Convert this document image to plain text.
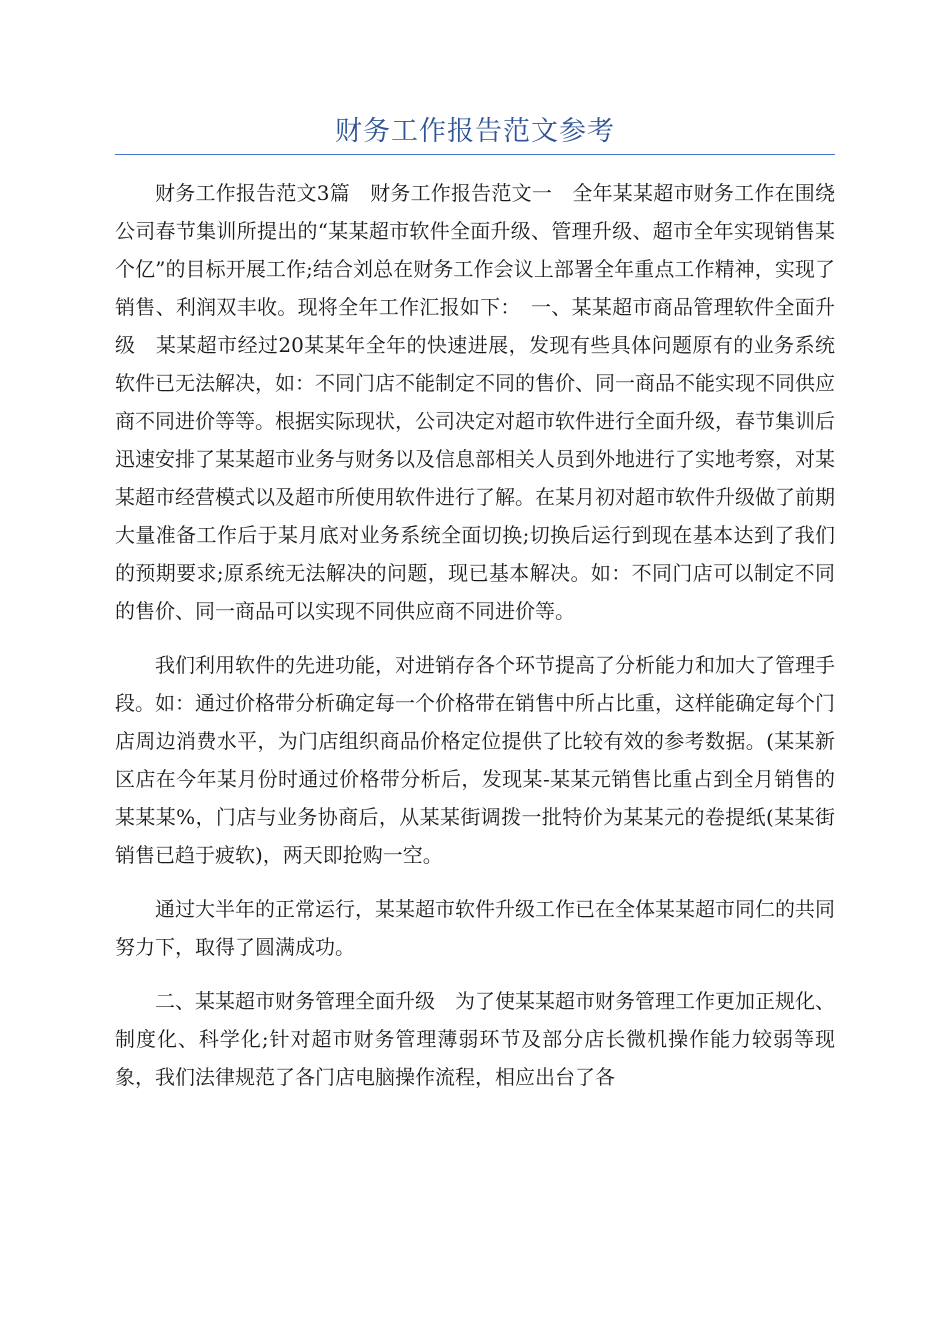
财务工作报告范文参考

财务工作报告范文3篇　财务工作报告范文一　全年某某超市财务工作在围绕公司春节集训所提出的“某某超市软件全面升级、管理升级、超市全年实现销售某个亿”的目标开展工作;结合刘总在财务工作会议上部署全年重点工作精神，实现了销售、利润双丰收。现将全年工作汇报如下：　一、某某超市商品管理软件全面升级　某某超市经过20某某年全年的快速进展，发现有些具体问题原有的业务系统软件已无法解决，如：不同门店不能制定不同的售价、同一商品不能实现不同供应商不同进价等等。根据实际现状，公司决定对超市软件进行全面升级，春节集训后迅速安排了某某超市业务与财务以及信息部相关人员到外地进行了实地考察，对某某超市经营模式以及超市所使用软件进行了解。在某月初对超市软件升级做了前期大量准备工作后于某月底对业务系统全面切换;切换后运行到现在基本达到了我们的预期要求;原系统无法解决的问题，现已基本解决。如：不同门店可以制定不同的售价、同一商品可以实现不同供应商不同进价等。

我们利用软件的先进功能，对进销存各个环节提高了分析能力和加大了管理手段。如：通过价格带分析确定每一个价格带在销售中所占比重，这样能确定每个门店周边消费水平，为门店组织商品价格定位提供了比较有效的参考数据。(某某新区店在今年某月份时通过价格带分析后，发现某-某某元销售比重占到全月销售的某某某%，门店与业务协商后，从某某街调拨一批特价为某某元的卷提纸(某某街销售已趋于疲软)，两天即抢购一空。

通过大半年的正常运行，某某超市软件升级工作已在全体某某超市同仁的共同努力下，取得了圆满成功。

二、某某超市财务管理全面升级　为了使某某超市财务管理工作更加正规化、制度化、科学化;针对超市财务管理薄弱环节及部分店长微机操作能力较弱等现象，我们法律规范了各门店电脑操作流程，相应出台了各
